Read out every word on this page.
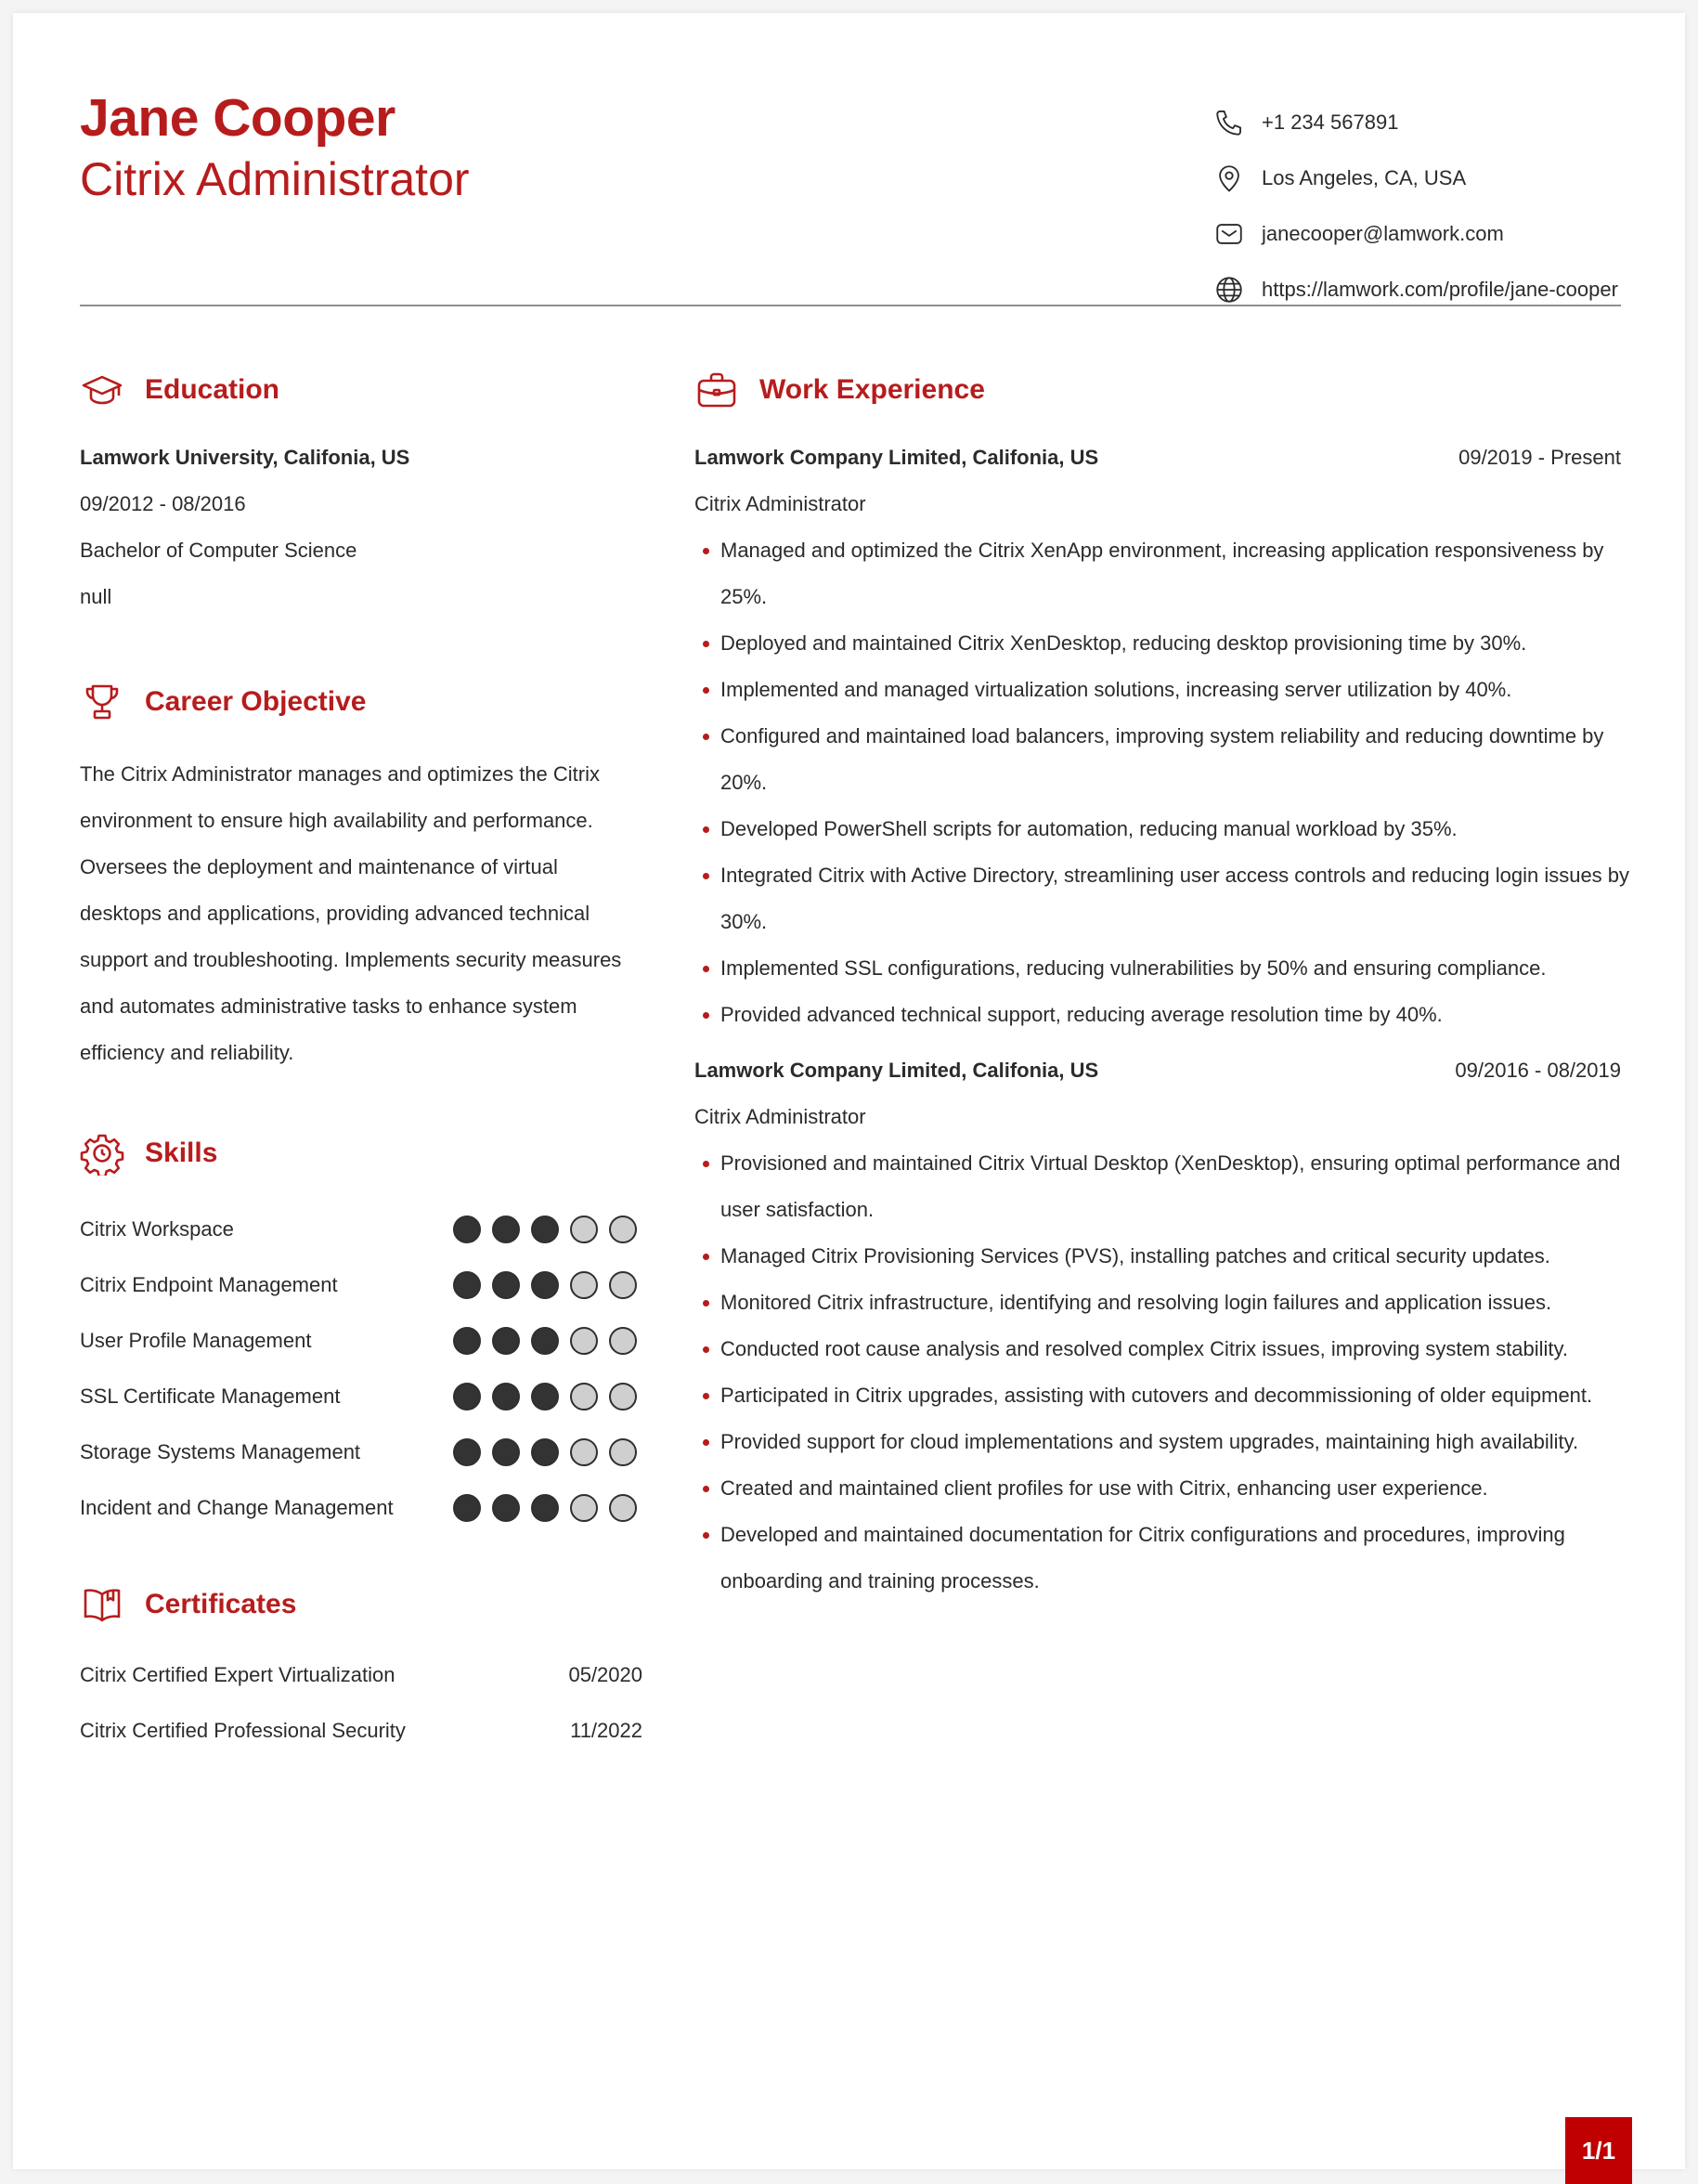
Jane Cooper
Citrix Administrator
+1 234 567891
Los Angeles, CA, USA
janecooper@lamwork.com
https://lamwork.com/profile/jane-cooper
Education
Lamwork University, Califonia, US
09/2012 - 08/2016
Bachelor of Computer Science
null
Career Objective
The Citrix Administrator manages and optimizes the Citrix environment to ensure high availability and performance. Oversees the deployment and maintenance of virtual desktops and applications, providing advanced technical support and troubleshooting. Implements security measures and automates administrative tasks to enhance system efficiency and reliability.
Skills
Citrix Workspace
Citrix Endpoint Management
User Profile Management
SSL Certificate Management
Storage Systems Management
Incident and Change Management
Certificates
Citrix Certified Expert Virtualization	05/2020
Citrix Certified Professional Security	11/2022
Work Experience
Lamwork Company Limited, Califonia, US	09/2019 - Present
Citrix Administrator
Managed and optimized the Citrix XenApp environment, increasing application responsiveness by 25%.
Deployed and maintained Citrix XenDesktop, reducing desktop provisioning time by 30%.
Implemented and managed virtualization solutions, increasing server utilization by 40%.
Configured and maintained load balancers, improving system reliability and reducing downtime by 20%.
Developed PowerShell scripts for automation, reducing manual workload by 35%.
Integrated Citrix with Active Directory, streamlining user access controls and reducing login issues by 30%.
Implemented SSL configurations, reducing vulnerabilities by 50% and ensuring compliance.
Provided advanced technical support, reducing average resolution time by 40%.
Lamwork Company Limited, Califonia, US	09/2016 - 08/2019
Citrix Administrator
Provisioned and maintained Citrix Virtual Desktop (XenDesktop), ensuring optimal performance and user satisfaction.
Managed Citrix Provisioning Services (PVS), installing patches and critical security updates.
Monitored Citrix infrastructure, identifying and resolving login failures and application issues.
Conducted root cause analysis and resolved complex Citrix issues, improving system stability.
Participated in Citrix upgrades, assisting with cutovers and decommissioning of older equipment.
Provided support for cloud implementations and system upgrades, maintaining high availability.
Created and maintained client profiles for use with Citrix, enhancing user experience.
Developed and maintained documentation for Citrix configurations and procedures, improving onboarding and training processes.
1/1
